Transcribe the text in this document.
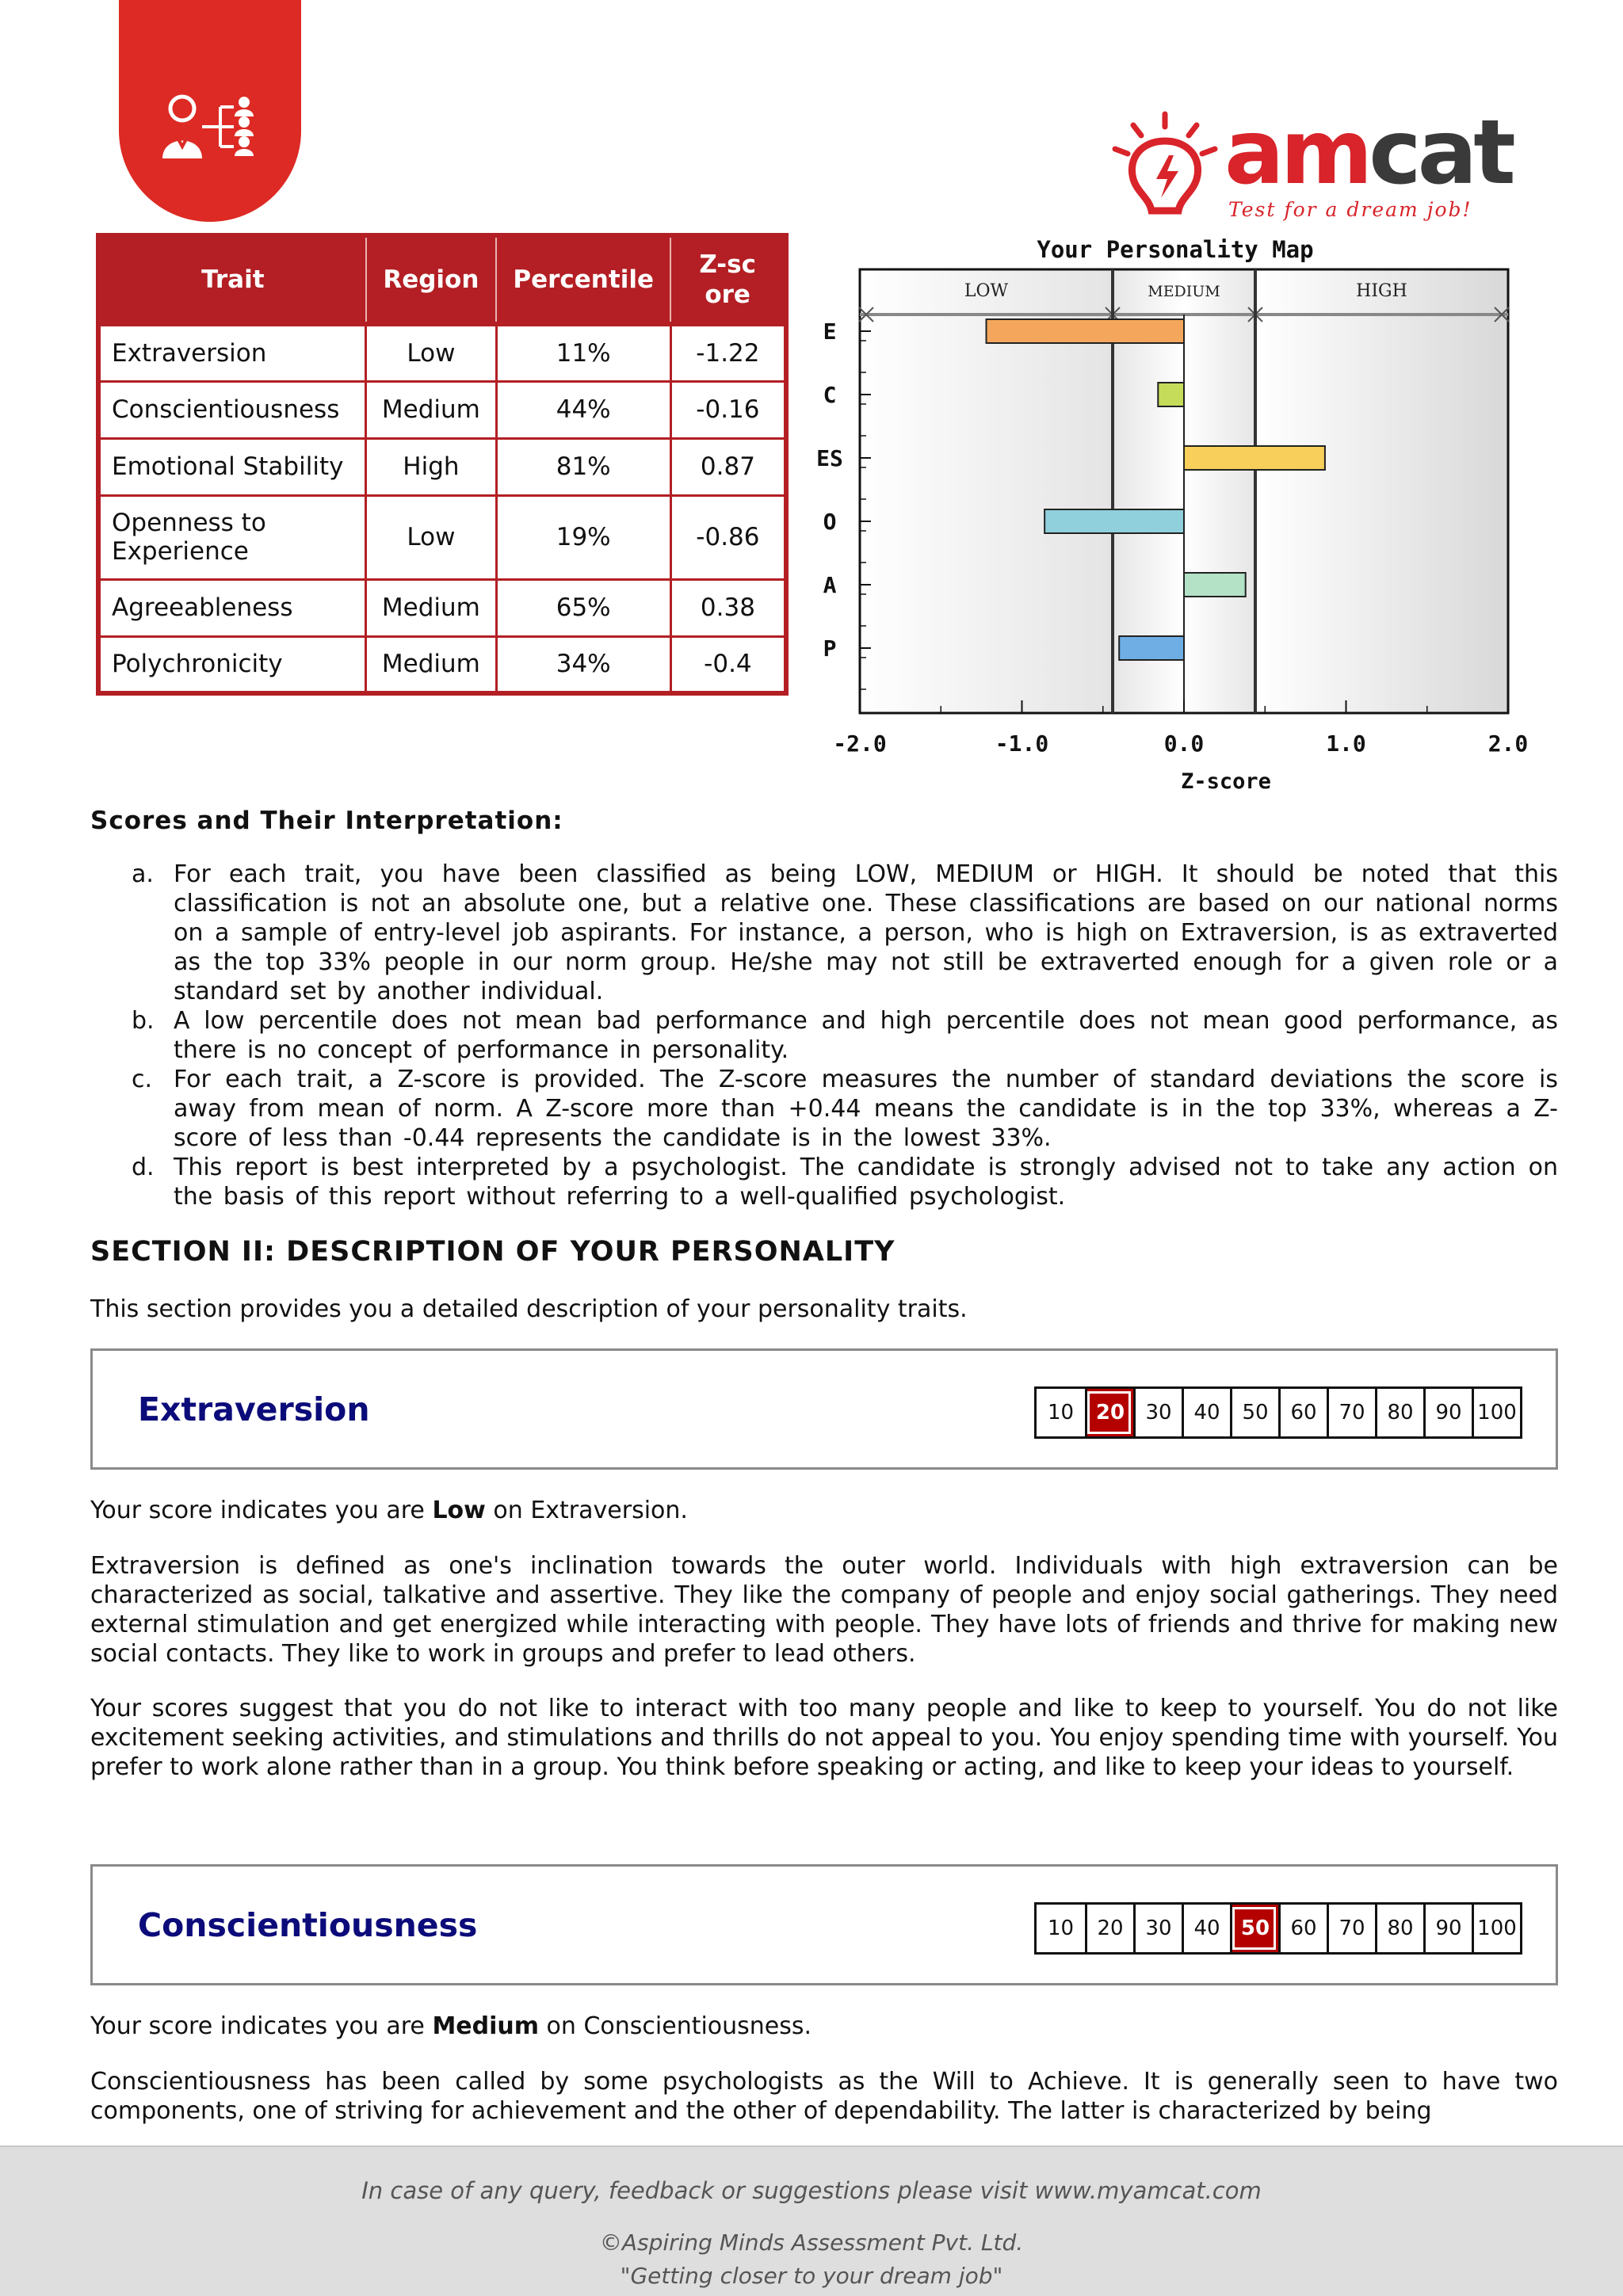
amcat
Test for a dream job!
Trait	Region	Percentile	Z-score
Extraversion	Low	11%	-1.22
Conscientiousness	Medium	44%	-0.16
Emotional Stability	High	81%	0.87
Openness to Experience	Low	19%	-0.86
Agreeableness	Medium	65%	0.38
Polychronicity	Medium	34%	-0.4
Your Personality Map
LOW	MEDIUM	HIGH
E
C
ES
O
A
P
-2.0	-1.0	0.0	1.0	2.0
Z-score
Scores and Their Interpretation:
a. For each trait, you have been classified as being LOW, MEDIUM or HIGH. It should be noted that this classification is not an absolute one, but a relative one. These classifications are based on our national norms on a sample of entry-level job aspirants. For instance, a person, who is high on Extraversion, is as extraverted as the top 33% people in our norm group. He/she may not still be extraverted enough for a given role or a standard set by another individual.
b. A low percentile does not mean bad performance and high percentile does not mean good performance, as there is no concept of performance in personality.
c. For each trait, a Z-score is provided. The Z-score measures the number of standard deviations the score is away from mean of norm. A Z-score more than +0.44 means the candidate is in the top 33%, whereas a Z-score of less than -0.44 represents the candidate is in the lowest 33%.
d. This report is best interpreted by a psychologist. The candidate is strongly advised not to take any action on the basis of this report without referring to a well-qualified psychologist.
SECTION II: DESCRIPTION OF YOUR PERSONALITY
This section provides you a detailed description of your personality traits.
Extraversion	10	20	30	40	50	60	70	80	90 100
Your score indicates you are Low on Extraversion.
Extraversion is defined as one's inclination towards the outer world. Individuals with high extraversion can be characterized as social, talkative and assertive. They like the company of people and enjoy social gatherings. They need external stimulation and get energized while interacting with people. They have lots of friends and thrive for making new social contacts. They like to work in groups and prefer to lead others.
Your scores suggest that you do not like to interact with too many people and like to keep to yourself. You do not like excitement seeking activities, and stimulations and thrills do not appeal to you. You enjoy spending time with yourself. You prefer to work alone rather than in a group. You think before speaking or acting, and like to keep your ideas to yourself.
Conscientiousness	10	20	30	40	50	60	70	80	90 100
Your score indicates you are Medium on Conscientiousness.
Conscientiousness has been called by some psychologists as the Will to Achieve. It is generally seen to have two components, one of striving for achievement and the other of dependability. The latter is characterized by being
In case of any query, feedback or suggestions please visit www.myamcat.com
©Aspiring Minds Assessment Pvt. Ltd.
"Getting closer to your dream job"
